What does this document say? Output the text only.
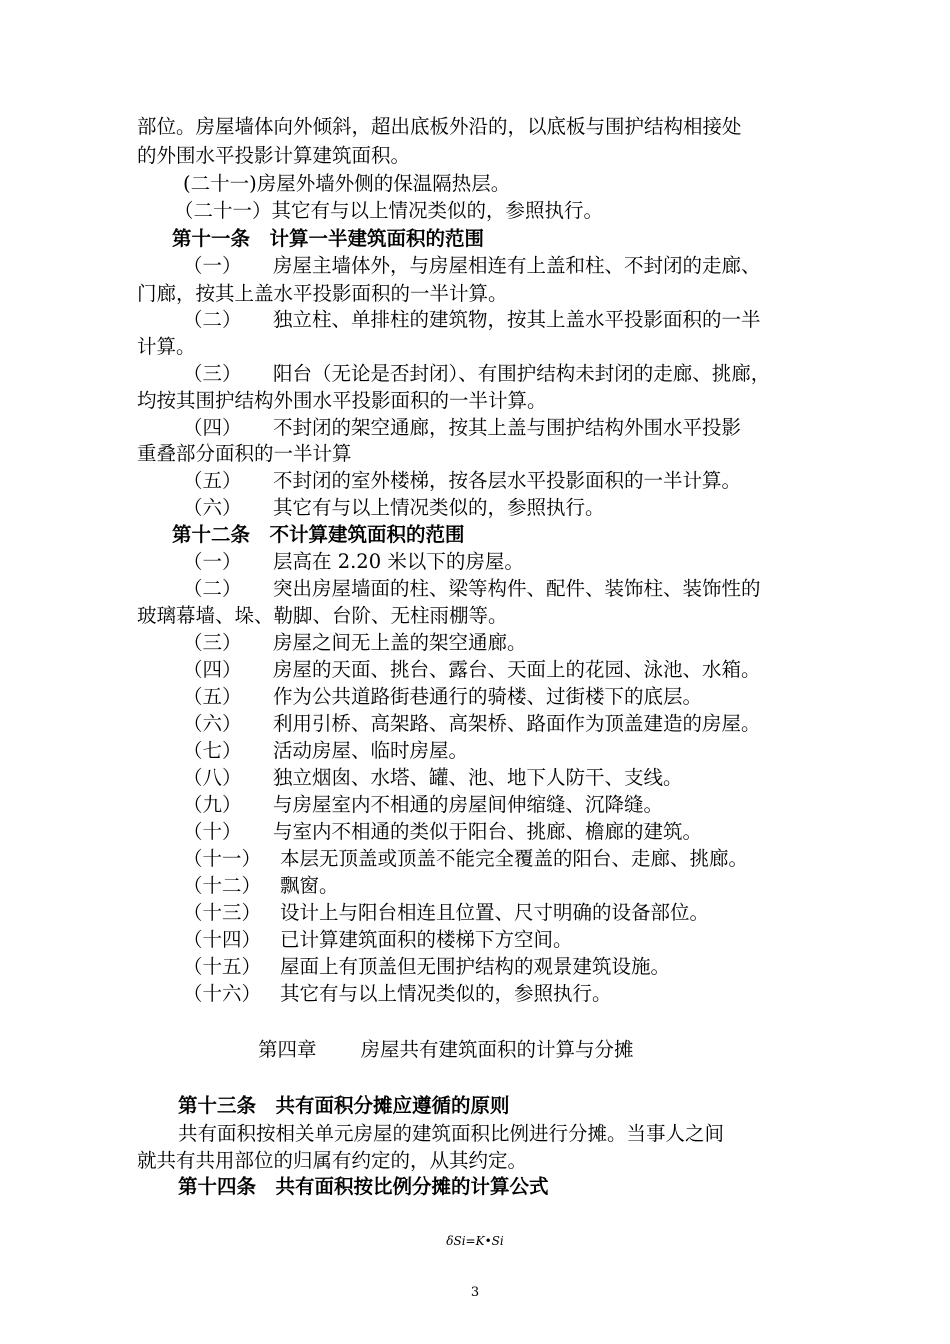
部位。房屋墙体向外倾斜，超出底板外沿的，以底板与围护结构相接处
的外围水平投影计算建筑面积。
(二十一)房屋外墙外侧的保温隔热层。
（二十一）其它有与以上情况类似的，参照执行。
第十一条　计算一半建筑面积的范围
（一） 房屋主墙体外，与房屋相连有上盖和柱、不封闭的走廊、
门廊，按其上盖水平投影面积的一半计算。
（二） 独立柱、单排柱的建筑物，按其上盖水平投影面积的一半
计算。
（三） 阳台（无论是否封闭）、有围护结构未封闭的走廊、挑廊，
均按其围护结构外围水平投影面积的一半计算。
（四） 不封闭的架空通廊，按其上盖与围护结构外围水平投影
重叠部分面积的一半计算
（五） 不封闭的室外楼梯，按各层水平投影面积的一半计算。
（六） 其它有与以上情况类似的，参照执行。
第十二条　不计算建筑面积的范围
（一） 层高在 2.20 米以下的房屋。
（二） 突出房屋墙面的柱、梁等构件、配件、装饰柱、装饰性的
玻璃幕墙、垛、勒脚、台阶、无柱雨棚等。
（三） 房屋之间无上盖的架空通廊。
（四） 房屋的天面、挑台、露台、天面上的花园、泳池、水箱。
（五） 作为公共道路街巷通行的骑楼、过街楼下的底层。
（六） 利用引桥、高架路、高架桥、路面作为顶盖建造的房屋。
（七） 活动房屋、临时房屋。
（八） 独立烟囱、水塔、罐、池、地下人防干、支线。
（九） 与房屋室内不相通的房屋间伸缩缝、沉降缝。
（十） 与室内不相通的类似于阳台、挑廊、檐廊的建筑。
（十一） 本层无顶盖或顶盖不能完全覆盖的阳台、走廊、挑廊。
（十二） 飘窗。
（十三） 设计上与阳台相连且位置、尺寸明确的设备部位。
（十四） 已计算建筑面积的楼梯下方空间。
（十五） 屋面上有顶盖但无围护结构的观景建筑设施。
（十六） 其它有与以上情况类似的，参照执行。
第四章 房屋共有建筑面积的计算与分摊
第十三条　共有面积分摊应遵循的原则
共有面积按相关单元房屋的建筑面积比例进行分摊。当事人之间
就共有共用部位的归属有约定的，从其约定。
第十四条　共有面积按比例分摊的计算公式
δSi=K•Si
3
